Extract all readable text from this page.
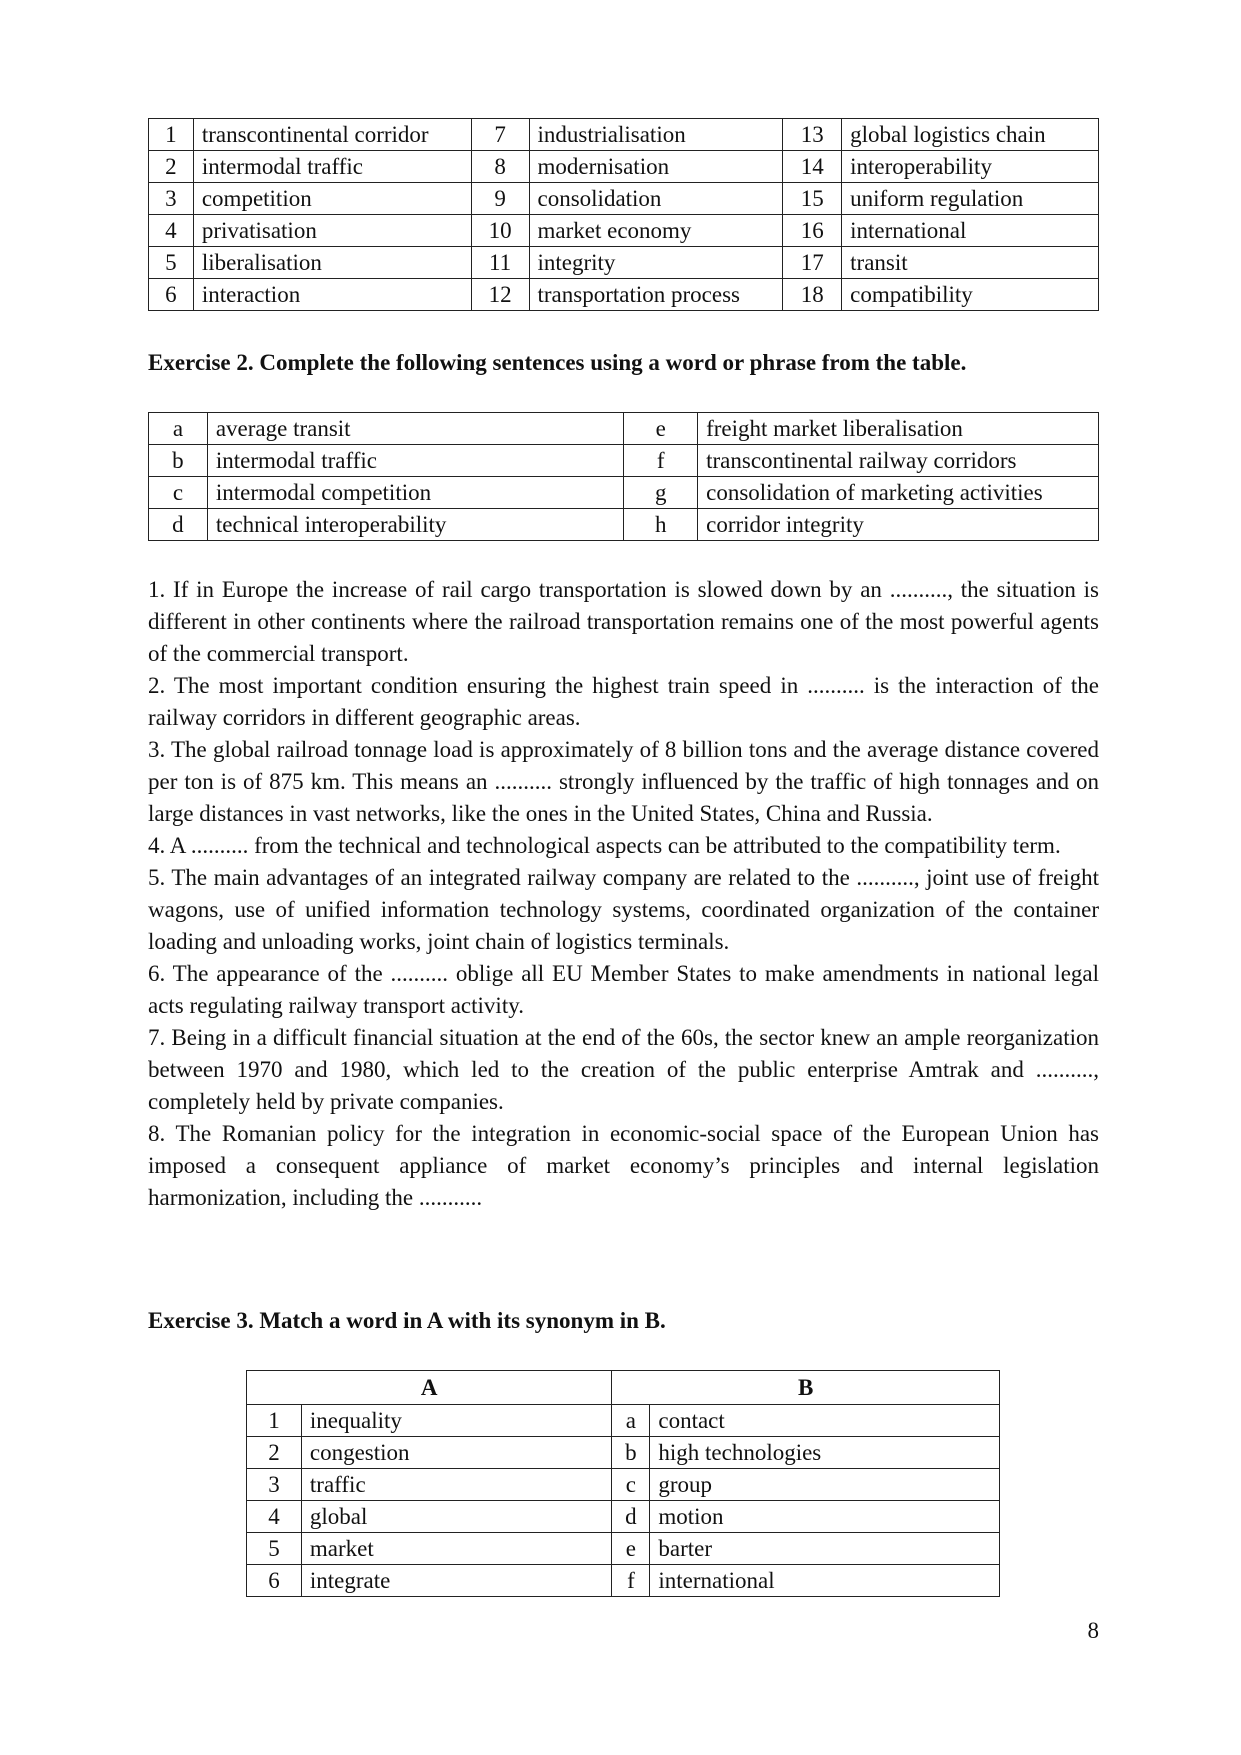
1	transcontinental corridor	7	industrialisation	13	global logistics chain
2	intermodal traffic	8	modernisation	14	interoperability
3	competition	9	consolidation	15	uniform regulation
4	privatisation	10	market economy	16	international
5	liberalisation	11	integrity	17	transit
6	interaction	12	transportation process	18	compatibility
Exercise 2. Complete the following sentences using a word or phrase from the table.
a	average transit	e	freight market liberalisation
b	intermodal traffic	f	transcontinental railway corridors
c	intermodal competition	g	consolidation of marketing activities
d	technical interoperability	h	corridor integrity

1. If in Europe the increase of rail cargo transportation is slowed down by an .........., the situation is different in other continents where the railroad transportation remains one of the most powerful agents of the commercial transport.

2. The most important condition ensuring the highest train speed in .......... is the interaction of the railway corridors in different geographic areas.

3. The global railroad tonnage load is approximately of 8 billion tons and the average distance covered per ton is of 875 km. This means an .......... strongly influenced by the traffic of high tonnages and on large distances in vast networks, like the ones in the United States, China and Russia.

4. A .......... from the technical and technological aspects can be attributed to the compatibility term.

5. The main advantages of an integrated railway company are related to the .........., joint use of freight wagons, use of unified information technology systems, coordinated organization of the container loading and unloading works, joint chain of logistics terminals.

6. The appearance of the .......... oblige all EU Member States to make amendments in national legal acts regulating railway transport activity.

7. Being in a difficult financial situation at the end of the 60s, the sector knew an ample reorganization between 1970 and 1980, which led to the creation of the public enterprise Amtrak and .........., completely held by private companies.

8. The Romanian policy for the integration in economic-social space of the European Union has imposed a consequent appliance of market economy’s principles and internal legislation harmonization, including the ...........

Exercise 3. Match a word in A with its synonym in B.
A		B	
1	inequality	a	contact
2	congestion	b	high technologies
3	traffic	c	group
4	global	d	motion
5	market	e	barter
6	integrate	f	international
8
